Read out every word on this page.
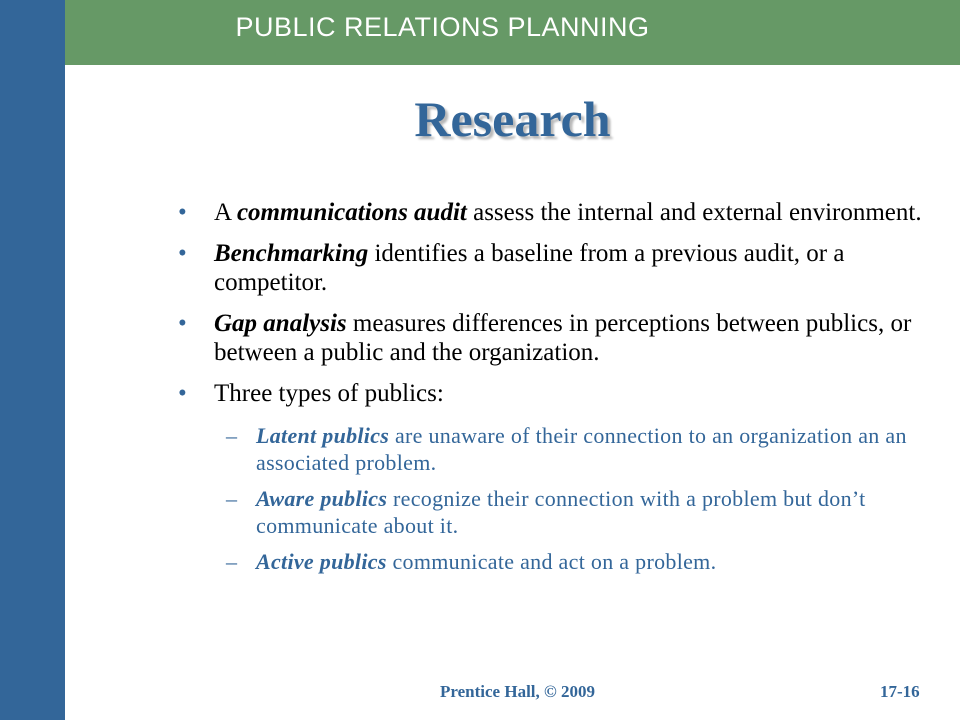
PUBLIC RELATIONS PLANNING
Research
• A communications audit assess the internal and external environment.
• Benchmarking identifies a baseline from a previous audit, or a competitor.
• Gap analysis measures differences in perceptions between publics, or between a public and the organization.
• Three types of publics:
– Latent publics are unaware of their connection to an organization an an associated problem.
– Aware publics recognize their connection with a problem but don’t communicate about it.
– Active publics communicate and act on a problem.
Prentice Hall, © 2009	17-16
